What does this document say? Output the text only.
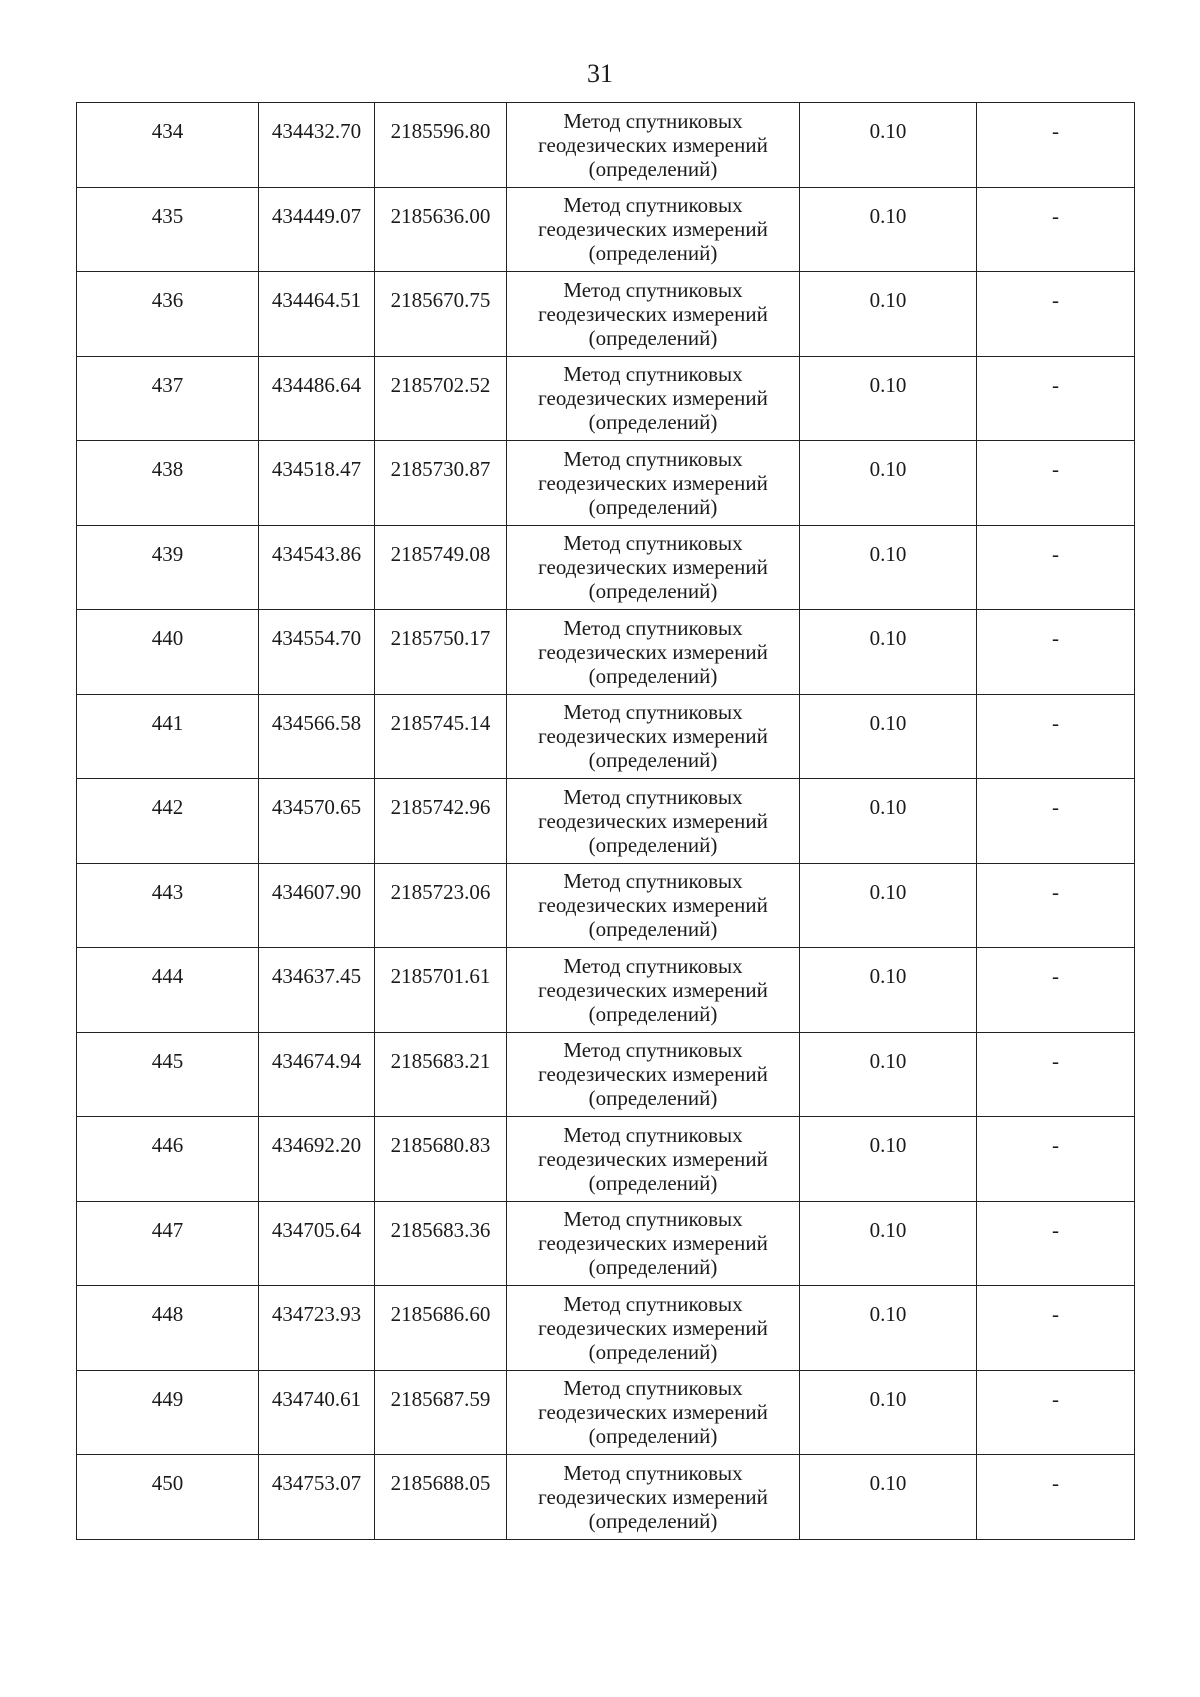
31
434	434432.70	2185596.80	Метод спутниковых
геодезических измерений
(определений)	0.10	-
435	434449.07	2185636.00	Метод спутниковых
геодезических измерений
(определений)	0.10	-
436	434464.51	2185670.75	Метод спутниковых
геодезических измерений
(определений)	0.10	-
437	434486.64	2185702.52	Метод спутниковых
геодезических измерений
(определений)	0.10	-
438	434518.47	2185730.87	Метод спутниковых
геодезических измерений
(определений)	0.10	-
439	434543.86	2185749.08	Метод спутниковых
геодезических измерений
(определений)	0.10	-
440	434554.70	2185750.17	Метод спутниковых
геодезических измерений
(определений)	0.10	-
441	434566.58	2185745.14	Метод спутниковых
геодезических измерений
(определений)	0.10	-
442	434570.65	2185742.96	Метод спутниковых
геодезических измерений
(определений)	0.10	-
443	434607.90	2185723.06	Метод спутниковых
геодезических измерений
(определений)	0.10	-
444	434637.45	2185701.61	Метод спутниковых
геодезических измерений
(определений)	0.10	-
445	434674.94	2185683.21	Метод спутниковых
геодезических измерений
(определений)	0.10	-
446	434692.20	2185680.83	Метод спутниковых
геодезических измерений
(определений)	0.10	-
447	434705.64	2185683.36	Метод спутниковых
геодезических измерений
(определений)	0.10	-
448	434723.93	2185686.60	Метод спутниковых
геодезических измерений
(определений)	0.10	-
449	434740.61	2185687.59	Метод спутниковых
геодезических измерений
(определений)	0.10	-
450	434753.07	2185688.05	Метод спутниковых
геодезических измерений
(определений)	0.10	-
